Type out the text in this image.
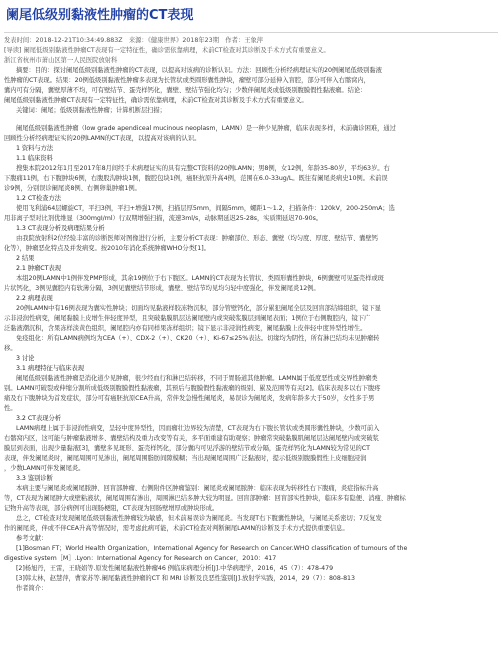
阑尾低级别黏液性肿瘤的CT表现
发表时间：2018-12-21T10:34:49.883Z　来源：《健康世界》2018年23期　作者：王象萍
[导读] 阑尾低级别黏液性肿瘤CT表现有一定特征性，确诊需依靠病理，术前CT检查对其诊断及手术方式有重要意义。
浙江省杭州市萧山区第一人民医院放射科
摘要：目的：探讨阑尾低级别黏液性肿瘤的CT表现，以提高对该病的诊断认识。方法：回顾性分析经病理证实的20例阑尾低级别黏液
性肿瘤的CT表现。结果：20例低级别黏液性肿瘤多表现为长管状或类圆形囊性肿块，瘤壁可部分延伸入盲腔，部分可伴入右髂窝内，
囊内可有分隔，囊壁厚薄不均，可有壁结节、蛋壳样钙化，囊壁、壁结节强化均匀；少数伴阑尾炎或低级别腹膜假性黏液瘤。结论：
阑尾低级别黏液性肿瘤CT表现有一定特征性，确诊需依靠病理，术前CT检查对其诊断及手术方式有重要意义。
关键词：阑尾；低级别黏液性肿瘤；计算机断层扫描；
阑尾低级别黏液性肿瘤（low grade apendiceal mucinous neoplasm，LAMN）是一种少见肿瘤，临床表现多样，术前确诊困难，通过
回顾性分析经病理证实的20例LAMN的CT表现，以提高对该病的认识。
1 资料与方法
1.1 临床资料
搜集本院2012年1月至2017年8月间经手术病理证实的具有完整CT资料的20例LAMN；男8例，女12例，年龄35-80岁，平均63岁。右
下腹痛11例，右下腹肿块6例，右腹股沟肿块1例，腹腔包块1例，癌胚抗原升高4例，范围在6.0-33ug/L。既往有阑尾炎病史10例。术前误
诊9例，分别误诊阑尾炎8例、右侧卵巢肿瘤1例。
1.2 CT检查方法
使用飞利浦64层螺旋CT，平扫3例，平扫+增强17例，扫描层厚5mm，间隔5mm，螺距1～1.2，扫描条件：120kV，200-250mA；选
用非离子型对比剂优维显（300mgI/ml）行双期增强扫描，流速3ml/s，动脉期延迟25-28s，实质期延迟70-90s。
1.3 CT表现分析及病理结果分析
由我院放射科2位经验丰富的诊断医师对图像进行分析，主要分析CT表现：肿瘤部位、形态、囊壁（均匀度、厚度、壁结节、囊壁钙
化等），肿瘤恶化特点及并发病变。按2010年消化系统肿瘤WHO分类[1]。
2 结果
2.1 肿瘤CT表现
本组20例LAMN中1例伴发PMP形成，其余19例位于右下腹区。LAMN的CT表现为长管状、类圆形囊性肿块，6例囊壁可见蛋壳样或斑
片状钙化，3例见囊腔内有软薄分隔，3例见囊壁结节形成，囊壁、壁结节均见均匀轻中度强化，伴发阑尾炎12例。
2.2 病理表现
20例LAMN中有16例表现为囊实性肿块；切面均见黏液样胶冻物沉积，部分管壁钙化，部分累犯阑尾全层及回盲部结缔组织，镜下显
示非浸润性病变，阑尾黏膜上皮增生伴轻度异型，且突破黏膜肌层达阑尾壁内或突破浆膜层到阑尾表面；1例位于右侧腹腔内，镜下广
泛黏液潮沉积，含果冻样淡黄色组织，阑尾腔内亦有同样果冻样组织；镜下显示非浸润性病变，阑尾黏膜上皮伴轻中度异型性增生。
免疫组化：所有LAMN病例均为CEA（+）、CDX-2（+）、CK20（+）、Ki-67≤25%表达。切缘均为阴性，所有淋巴结均未见肿瘤转
移。
3 讨论
3.1 病理特征与临床表现
阑尾低级别黏液性肿瘤是消化道少见肿瘤，很少经血行和淋巴结转移，不同于胃肠道其他肿瘤。LAMN属于低度恶性或交界性肿瘤类
别。LAMN可破裂或伸缩分割所成低级别腹膜假性黏液瘤，其预后与腹膜假性黏液瘤的级别、累及范围等有关[2]。临床表现多以右下腹疼
痛及右下腹肿块为首发症状，部分可有癌胚抗原CEA升高，常伴发急慢性阑尾炎，易误诊为阑尾炎，发病年龄多大于50岁，女性多于男
性。
3.2 CT表现分析
LAMN病理上属于非浸润性病变，呈轻中度异型性，因而瘤壮边界较为清楚，CT表现为右下腹长管状或类圆形囊性肿块，少数可前入
右髂窝内区，这可能与肿瘤黏液增多、囊壁结构及重力改变等有关，多平面重建有助观察；肿瘤常突破黏膜肌阑尾层达阑尾壁内或突破浆
膜层到表面，出现少量黏液[3]，囊壁多见斑形、蛋壳样钙化，部分囊内可见浮游的壁结节或分隔，蛋壳样钙化为LAMN较为常见的CT
表现，伴发阑尾炎时，阑尾周围可见渗出，阑尾周围脂肪间隙模糊；当出现阑尾周围广泛黏液时，提示低级别腹膜假性上皮细胞浸润
，少数LAMN可伴发阑尾炎。
3.3 鉴别诊断
本病主要与阑尾炎或阑尾脓肿、回盲部肿瘤、右侧附件区肿瘤鉴别：阑尾炎或阑尾脓肿：临床表现为转移性右下腹痛，炎症指标升高
等，CT表现为阑尾肿大或壁粘液状，阑尾周围有渗出，周围淋巴结多肿大较为明显。回盲部肿瘤：回盲部实性肿块，临床多有隐便、消瘦、肿瘤标
记物升高等表现，部分病例可出现肠梗阻，CT表现为回肠壁增厚或肿块形成。
总之，CT检查对发现阑尾低级别黏液性肿瘤较为敏感，但术前易误诊为阑尾炎。当发现T右下腹囊性肿块，与阑尾关系密切；7反复发
作的阑尾炎，伴或不伴CEA升高等情况时，需考虑此病可能，术前CT检查对判断阑尾LAMN的诊断及手术方式提供重要信息。
参考文献：
[1]Bosman FT；World Health Organization，International Agency for Research on Cancer.WHO classification of tumours of the
digestive system［M］.Lyon：International Agency for Research on Cancer，2010：417
[2]杨旭丹，王雷，王晓娟等.原发性阑尾黏液性肿瘤46 例临床病理分析[J].中华病理学，2016，45（7）：478-479
[3]韩太林，赵慧萍，曹家苏等.阑尾黏液性肿瘤的CT 和 MRI 诊断及良恶性鉴别[J].放射学实践，2014，29（7）：808-813
作者简介：
